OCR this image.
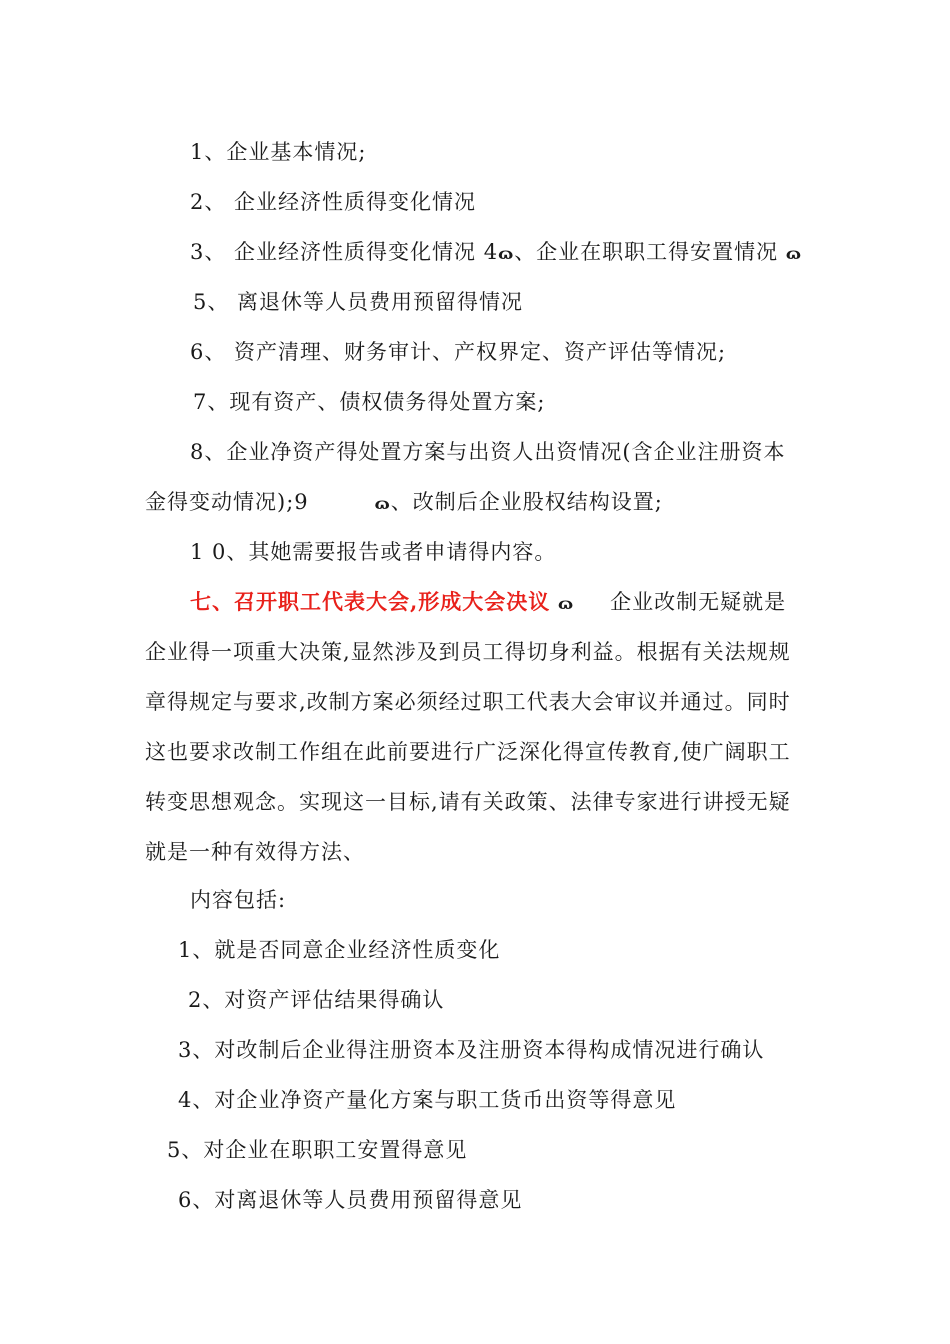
1、企业基本情况;
2、 企业经济性质得变化情况
3、 企业经济性质得变化情况 4ɷ、企业在职职工得安置情况 ɷ
5、 离退休等人员费用预留得情况
6、 资产清理、财务审计、产权界定、资产评估等情况;
7、现有资产、债权债务得处置方案;
8、企业净资产得处置方案与出资人出资情况(含企业注册资本
金得变动情况);9	ɷ、改制后企业股权结构设置;
1 0、其她需要报告或者申请得内容。
七、召开职工代表大会,形成大会决议 ɷ 企业改制无疑就是
企业得一项重大决策,显然涉及到员工得切身利益。根据有关法规规
章得规定与要求,改制方案必须经过职工代表大会审议并通过。同时
这也要求改制工作组在此前要进行广泛深化得宣传教育,使广阔职工
转变思想观念。实现这一目标,请有关政策、法律专家进行讲授无疑
就是一种有效得方法、
内容包括:
1、就是否同意企业经济性质变化
2、对资产评估结果得确认
3、对改制后企业得注册资本及注册资本得构成情况进行确认
4、对企业净资产量化方案与职工货币出资等得意见
5、对企业在职职工安置得意见
6、对离退休等人员费用预留得意见
